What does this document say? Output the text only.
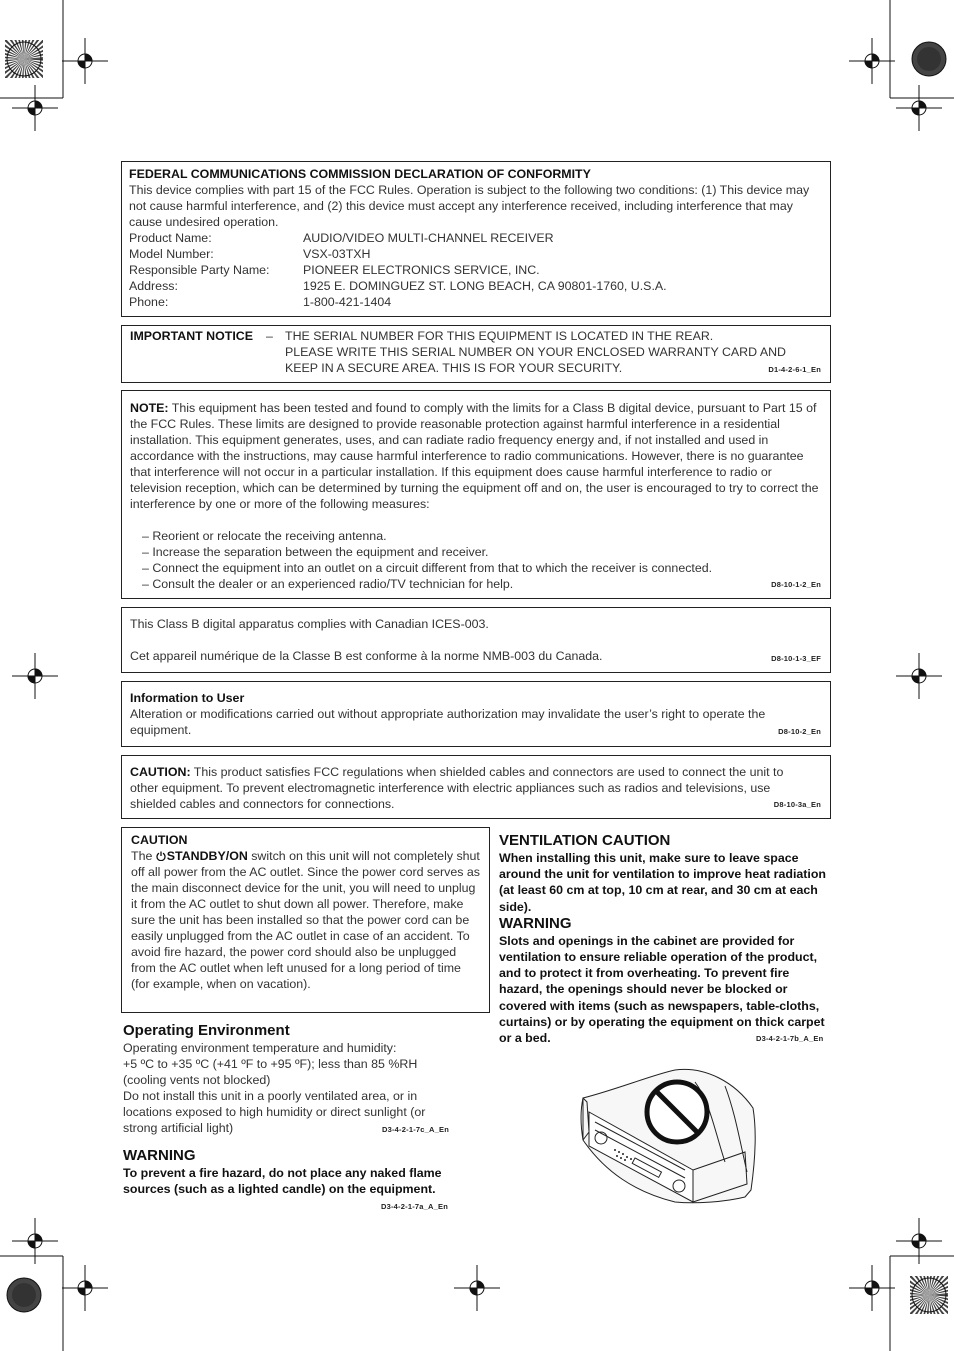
FEDERAL COMMUNICATIONS COMMISSION DECLARATION OF CONFORMITY
This device complies with part 15 of the FCC Rules. Operation is subject to the following two conditions: (1) This device may not cause harmful interference, and (2) this device must accept any interference received, including interference that may cause undesired operation.
Product Name:	AUDIO/VIDEO MULTI-CHANNEL RECEIVER
Model Number:	VSX-03TXH
Responsible Party Name:	PIONEER ELECTRONICS SERVICE, INC.
Address:	1925 E. DOMINGUEZ ST. LONG BEACH, CA 90801-1760, U.S.A.
Phone:	1-800-421-1404
IMPORTANT NOTICE – THE SERIAL NUMBER FOR THIS EQUIPMENT IS LOCATED IN THE REAR.
PLEASE WRITE THIS SERIAL NUMBER ON YOUR ENCLOSED WARRANTY CARD AND
KEEP IN A SECURE AREA. THIS IS FOR YOUR SECURITY.	D1-4-2-6-1_En
NOTE: This equipment has been tested and found to comply with the limits for a Class B digital device, pursuant to Part 15 of the FCC Rules. These limits are designed to provide reasonable protection against harmful interference in a residential installation. This equipment generates, uses, and can radiate radio frequency energy and, if not installed and used in accordance with the instructions, may cause harmful interference to radio communications. However, there is no guarantee that interference will not occur in a particular installation. If this equipment does cause harmful interference to radio or television reception, which can be determined by turning the equipment off and on, the user is encouraged to try to correct the interference by one or more of the following measures:
– Reorient or relocate the receiving antenna.
– Increase the separation between the equipment and receiver.
– Connect the equipment into an outlet on a circuit different from that to which the receiver is connected.
– Consult the dealer or an experienced radio/TV technician for help.	D8-10-1-2_En
This Class B digital apparatus complies with Canadian ICES-003.
Cet appareil numérique de la Classe B est conforme à la norme NMB-003 du Canada.	D8-10-1-3_EF
Information to User
Alteration or modifications carried out without appropriate authorization may invalidate the user’s right to operate the equipment.	D8-10-2_En
CAUTION: This product satisfies FCC regulations when shielded cables and connectors are used to connect the unit to other equipment. To prevent electromagnetic interference with electric appliances such as radios and televisions, use shielded cables and connectors for connections.	D8-10-3a_En
CAUTION
The STANDBY/ON switch on this unit will not completely shut off all power from the AC outlet. Since the power cord serves as the main disconnect device for the unit, you will need to unplug it from the AC outlet to shut down all power. Therefore, make sure the unit has been installed so that the power cord can be easily unplugged from the AC outlet in case of an accident. To avoid fire hazard, the power cord should also be unplugged from the AC outlet when left unused for a long period of time (for example, when on vacation).
Operating Environment
Operating environment temperature and humidity:
+5 ºC to +35 ºC (+41 ºF to +95 ºF); less than 85 %RH (cooling vents not blocked)
Do not install this unit in a poorly ventilated area, or in locations exposed to high humidity or direct sunlight (or strong artificial light)	D3-4-2-1-7c_A_En
WARNING
To prevent a fire hazard, do not place any naked flame sources (such as a lighted candle) on the equipment.
D3-4-2-1-7a_A_En
VENTILATION CAUTION
When installing this unit, make sure to leave space around the unit for ventilation to improve heat radiation (at least 60 cm at top, 10 cm at rear, and 30 cm at each side).
WARNING
Slots and openings in the cabinet are provided for ventilation to ensure reliable operation of the product, and to protect it from overheating. To prevent fire hazard, the openings should never be blocked or covered with items (such as newspapers, table-cloths, curtains) or by operating the equipment on thick carpet or a bed.	D3-4-2-1-7b_A_En
